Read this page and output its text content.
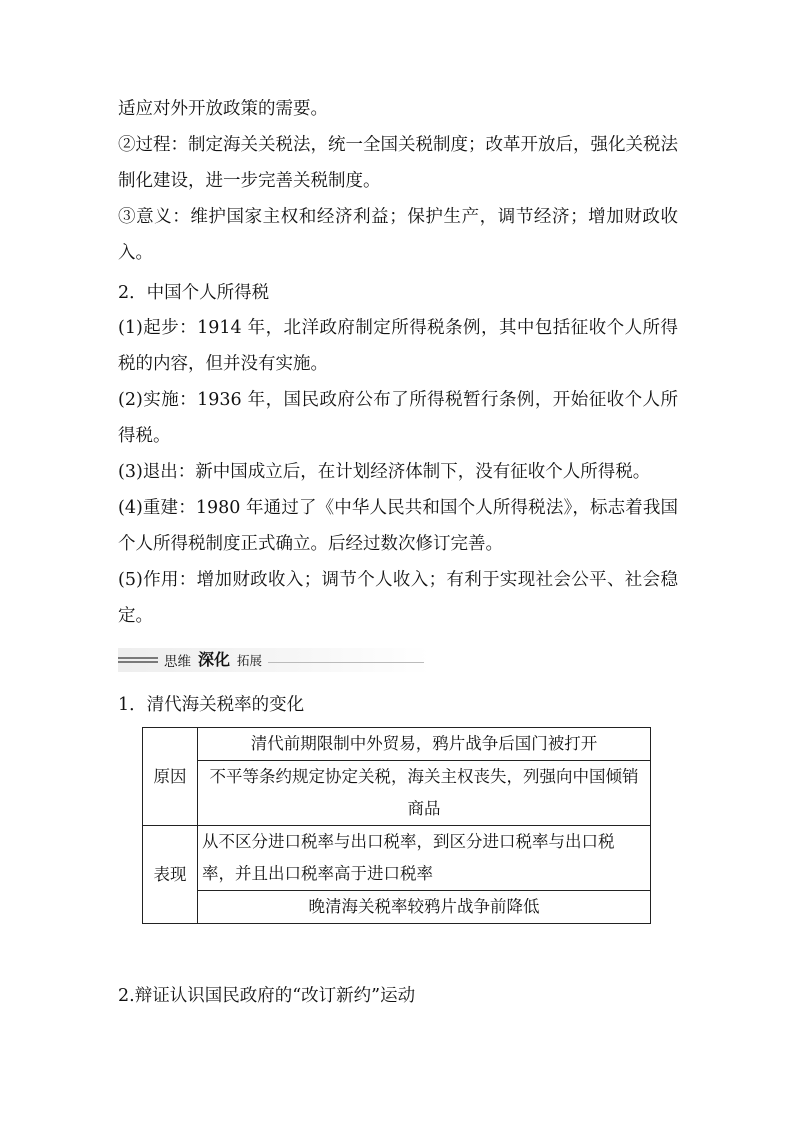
适应对外开放政策的需要。
②过程：制定海关关税法，统一全国关税制度；改革开放后，强化关税法制化建设，进一步完善关税制度。
③意义：维护国家主权和经济利益；保护生产，调节经济；增加财政收入。
2．中国个人所得税
(1)起步：1914 年，北洋政府制定所得税条例，其中包括征收个人所得税的内容，但并没有实施。
(2)实施：1936 年，国民政府公布了所得税暂行条例，开始征收个人所得税。
(3)退出：新中国成立后，在计划经济体制下，没有征收个人所得税。
(4)重建：1980 年通过了《中华人民共和国个人所得税法》，标志着我国个人所得税制度正式确立。后经过数次修订完善。
(5)作用：增加财政收入；调节个人收入；有利于实现社会公平、社会稳定。
思维 深化 拓展
1．清代海关税率的变化
原因	清代前期限制中外贸易，鸦片战争后国门被打开
	不平等条约规定协定关税，海关主权丧失，列强向中国倾销商品
表现	从不区分进口税率与出口税率，到区分进口税率与出口税率，并且出口税率高于进口税率
	晚清海关税率较鸦片战争前降低
2.辩证认识国民政府的“改订新约”运动
